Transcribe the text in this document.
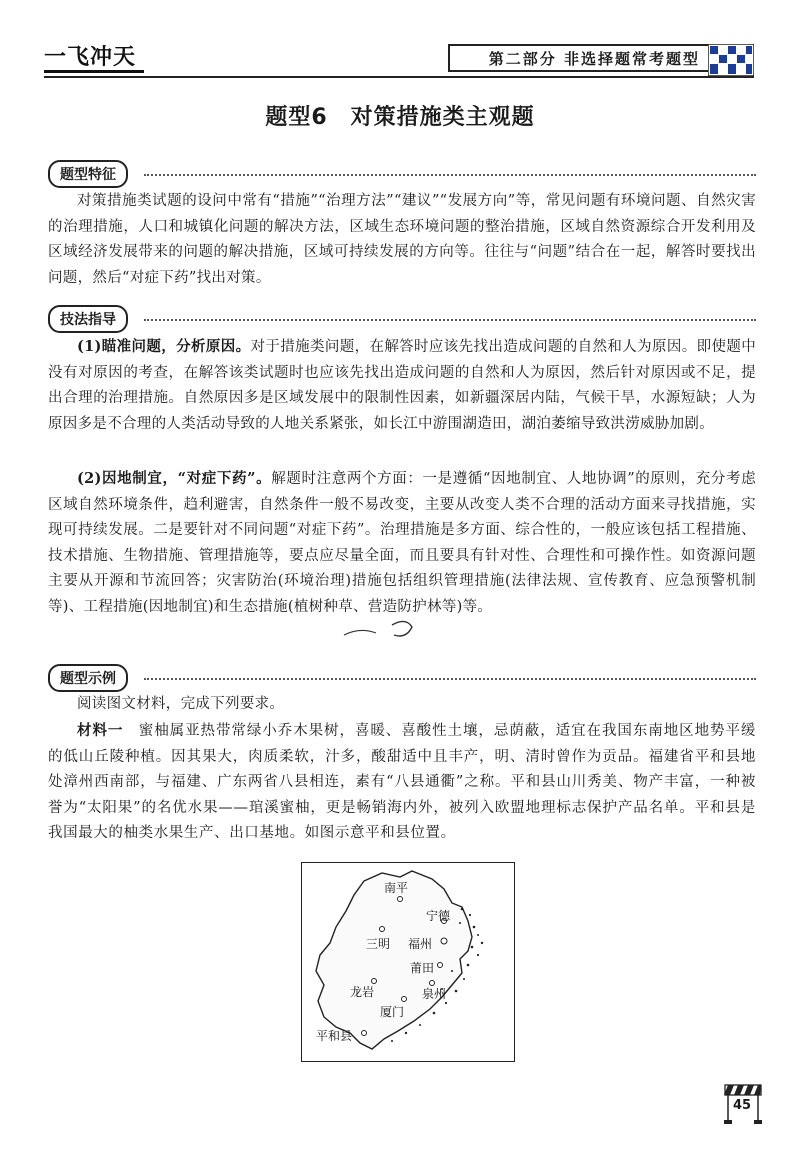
一飞冲天	第二部分 非选择题常考题型
题型6　对策措施类主观题
题型特征

对策措施类试题的设问中常有“措施”“治理方法”“建议”“发展方向”等，常见问题有环境问题、自然灾害的治理措施，人口和城镇化问题的解决方法，区域生态环境问题的整治措施，区域自然资源综合开发利用及区域经济发展带来的问题的解决措施，区域可持续发展的方向等。往往与“问题”结合在一起，解答时要找出问题，然后“对症下药”找出对策。

技法指导

(1)瞄准问题，分析原因。对于措施类问题，在解答时应该先找出造成问题的自然和人为原因。即使题中没有对原因的考查，在解答该类试题时也应该先找出造成问题的自然和人为原因，然后针对原因或不足，提出合理的治理措施。自然原因多是区域发展中的限制性因素，如新疆深居内陆，气候干旱，水源短缺；人为原因多是不合理的人类活动导致的人地关系紧张，如长江中游围湖造田，湖泊萎缩导致洪涝威胁加剧。

(2)因地制宜，“对症下药”。解题时注意两个方面：一是遵循“因地制宜、人地协调”的原则，充分考虑区域自然环境条件，趋利避害，自然条件一般不易改变，主要从改变人类不合理的活动方面来寻找措施，实现可持续发展。二是要针对不同问题“对症下药”。治理措施是多方面、综合性的，一般应该包括工程措施、技术措施、生物措施、管理措施等，要点应尽量全面，而且要具有针对性、合理性和可操作性。如资源问题主要从开源和节流回答；灾害防治(环境治理)措施包括组织管理措施(法律法规、宣传教育、应急预警机制等)、工程措施(因地制宜)和生态措施(植树种草、营造防护林等)等。

题型示例

阅读图文材料，完成下列要求。

材料一　 蜜柚属亚热带常绿小乔木果树，喜暖、喜酸性土壤，忌荫蔽，适宜在我国东南地区地势平缓的低山丘陵种植。因其果大，肉质柔软，汁多，酸甜适中且丰产，明、清时曾作为贡品。福建省平和县地处漳州西南部，与福建、广东两省八县相连，素有“八县通衢”之称。平和县山川秀美、物产丰富，一种被誉为“太阳果”的名优水果——琯溪蜜柚，更是畅销海内外，被列入欧盟地理标志保护产品名单。平和县是我国最大的柚类水果生产、出口基地。如图示意平和县位置。

南平
宁德
三明 福州
莆田
龙岩	泉州
厦门
平和县
45
